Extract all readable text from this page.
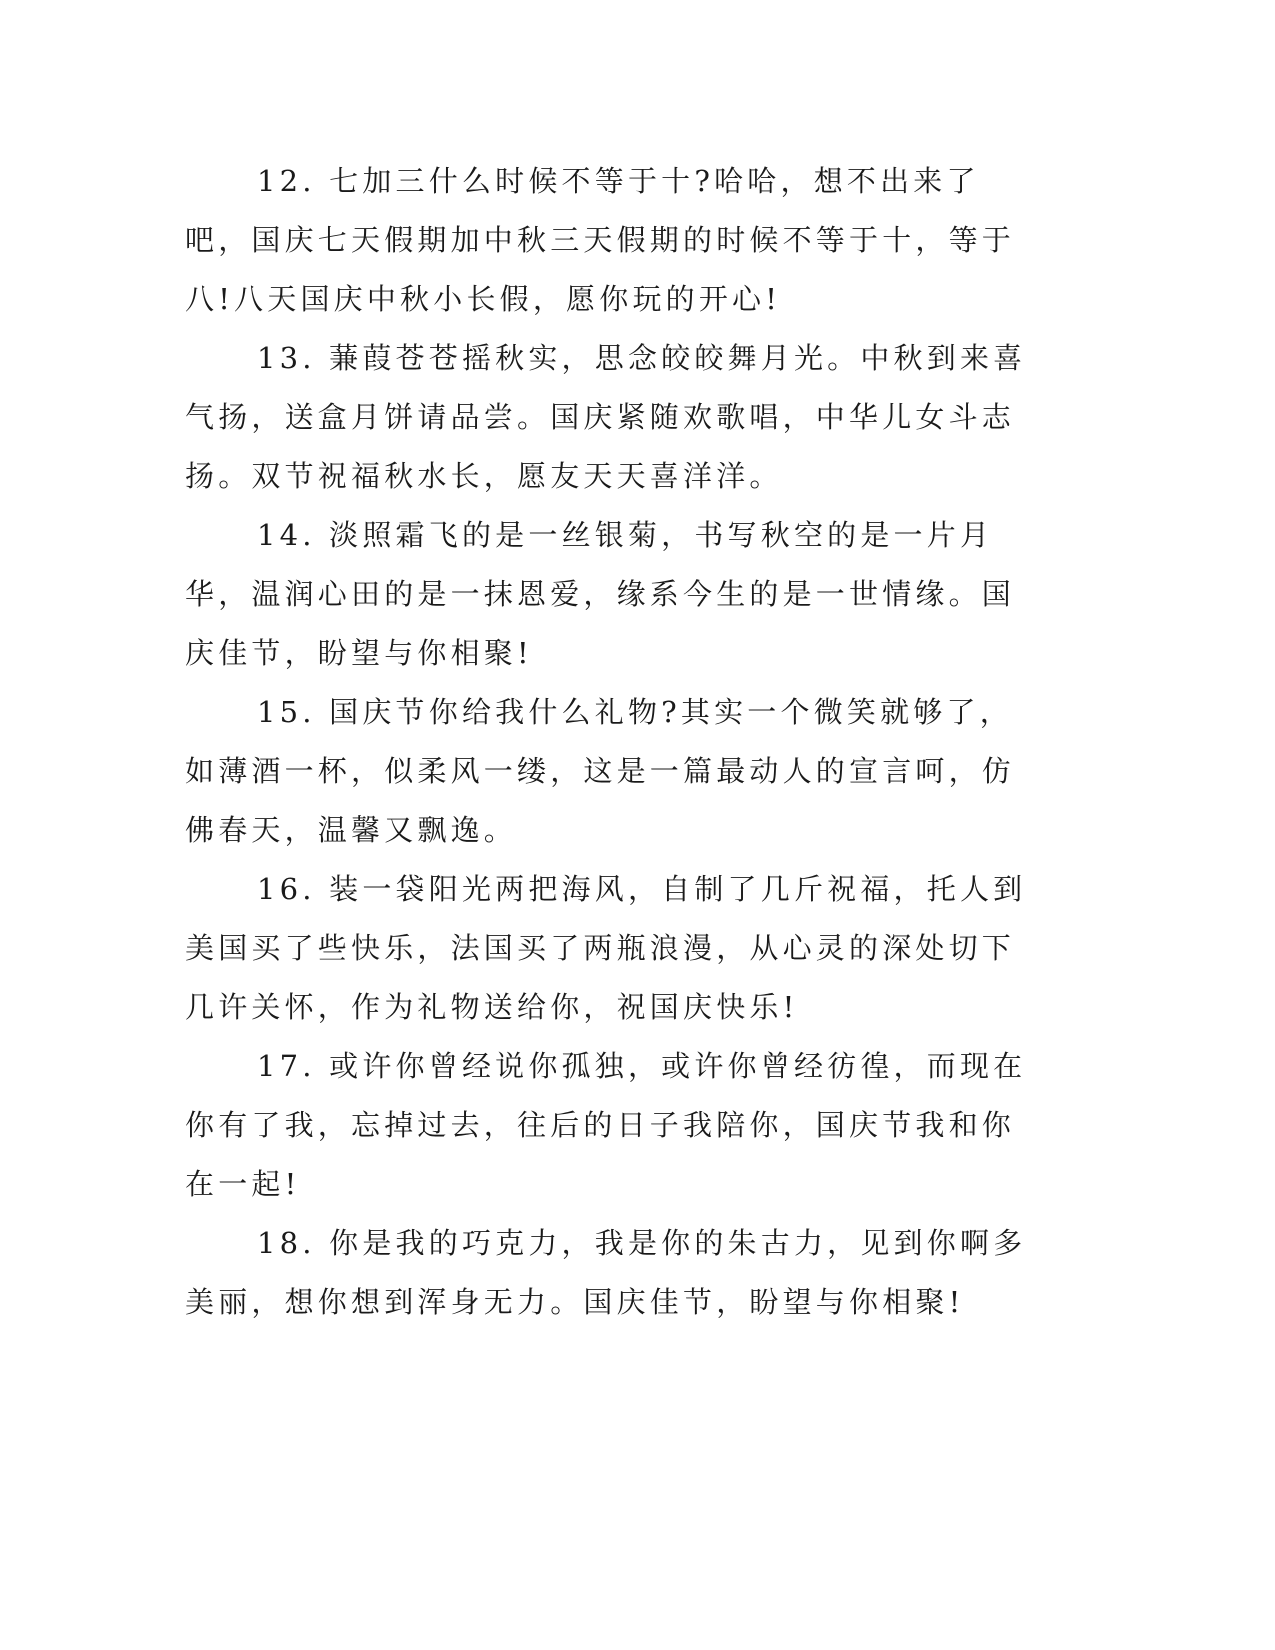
12. 七加三什么时候不等于十?哈哈，想不出来了吧，国庆七天假期加中秋三天假期的时候不等于十，等于八!八天国庆中秋小长假，愿你玩的开心!

13. 蒹葭苍苍摇秋实，思念皎皎舞月光。中秋到来喜气扬，送盒月饼请品尝。国庆紧随欢歌唱，中华儿女斗志扬。双节祝福秋水长，愿友天天喜洋洋。

14. 淡照霜飞的是一丝银菊，书写秋空的是一片月华，温润心田的是一抹恩爱，缘系今生的是一世情缘。国庆佳节，盼望与你相聚!

15. 国庆节你给我什么礼物?其实一个微笑就够了，如薄酒一杯，似柔风一缕，这是一篇最动人的宣言呵，仿佛春天，温馨又飘逸。

16. 装一袋阳光两把海风，自制了几斤祝福，托人到美国买了些快乐，法国买了两瓶浪漫，从心灵的深处切下几许关怀，作为礼物送给你，祝国庆快乐!

17. 或许你曾经说你孤独，或许你曾经彷徨，而现在你有了我，忘掉过去，往后的日子我陪你，国庆节我和你在一起!

18. 你是我的巧克力，我是你的朱古力，见到你啊多美丽，想你想到浑身无力。国庆佳节，盼望与你相聚!
